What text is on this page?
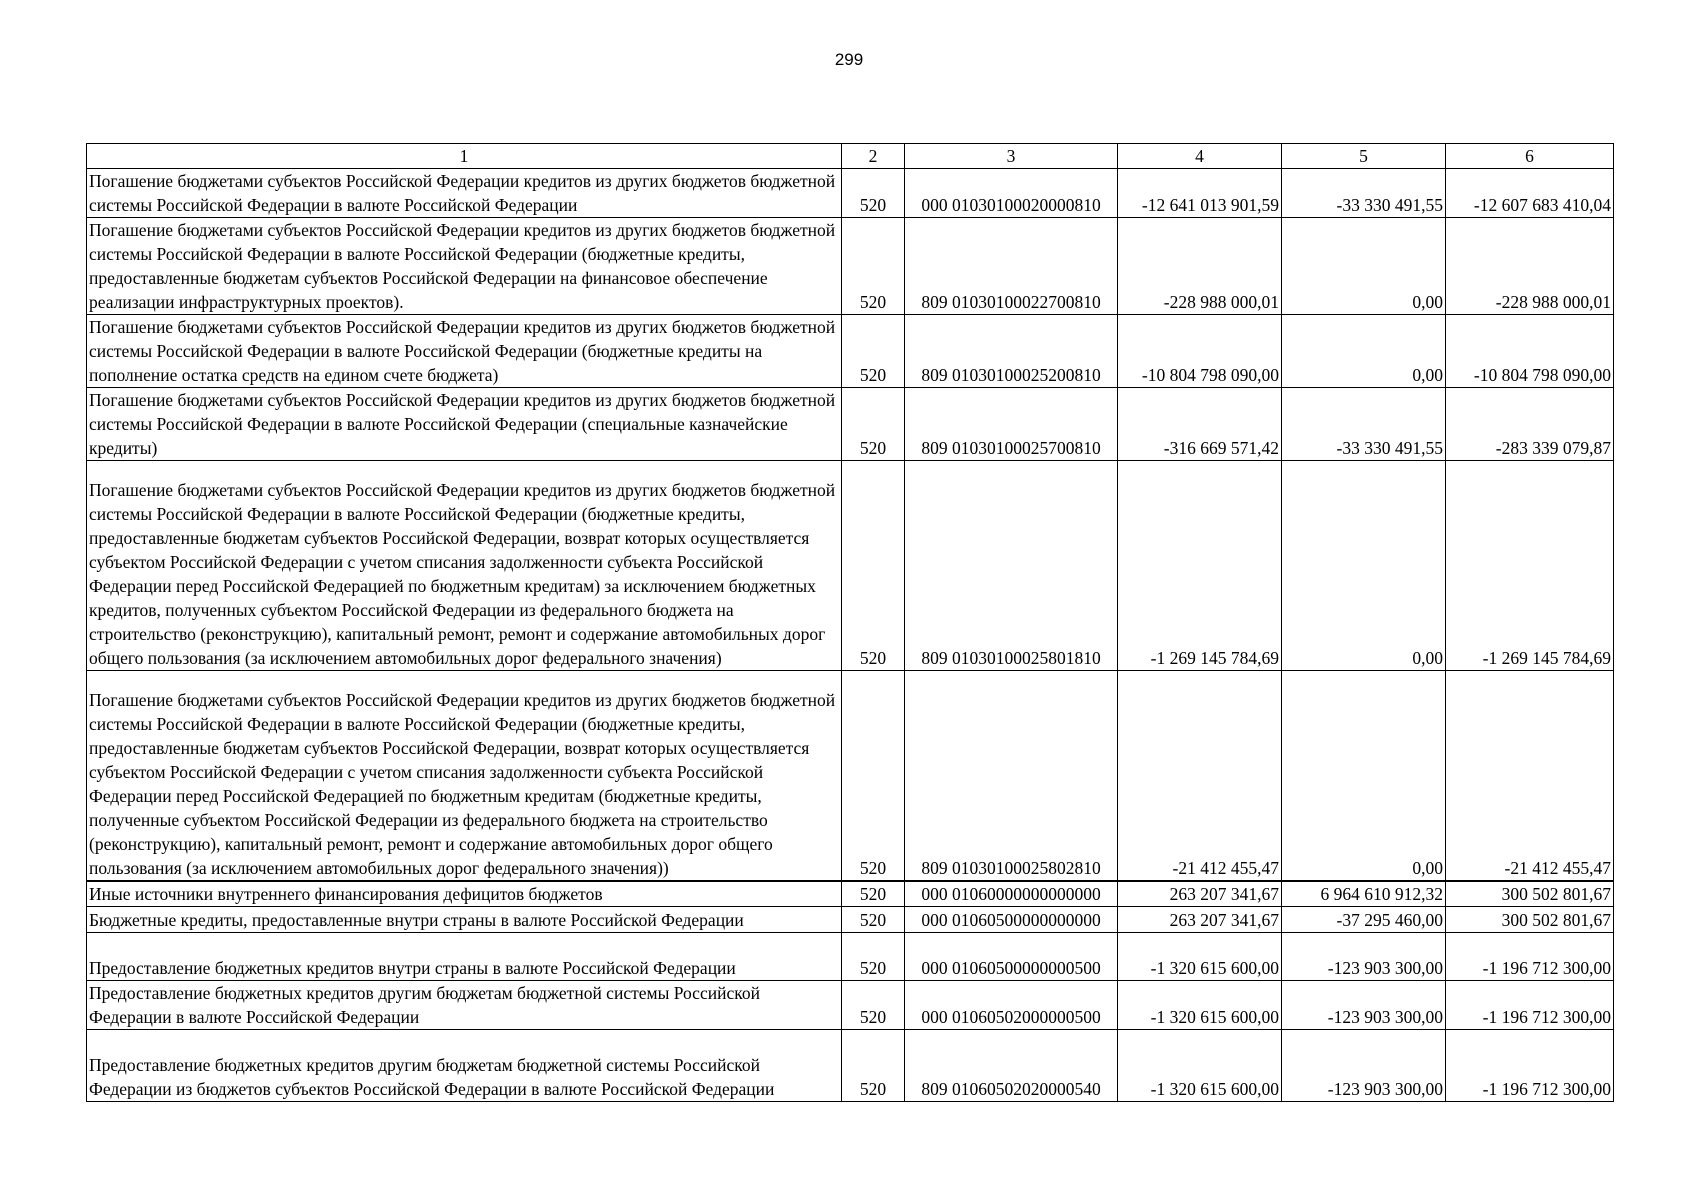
299
1	2	3	4	5	6
Погашение бюджетами субъектов Российской Федерации кредитов из других бюджетов бюджетной системы Российской Федерации в валюте Российской Федерации	520	000 01030100020000810	-12 641 013 901,59	-33 330 491,55	-12 607 683 410,04
Погашение бюджетами субъектов Российской Федерации кредитов из других бюджетов бюджетной системы Российской Федерации в валюте Российской Федерации (бюджетные кредиты, предоставленные бюджетам субъектов Российской Федерации на финансовое обеспечение реализации инфраструктурных проектов).	520	809 01030100022700810	-228 988 000,01	0,00	-228 988 000,01
Погашение бюджетами субъектов Российской Федерации кредитов из других бюджетов бюджетной системы Российской Федерации в валюте Российской Федерации (бюджетные кредиты на пополнение остатка средств на едином счете бюджета)	520	809 01030100025200810	-10 804 798 090,00	0,00	-10 804 798 090,00
Погашение бюджетами субъектов Российской Федерации кредитов из других бюджетов бюджетной системы Российской Федерации в валюте Российской Федерации (специальные казначейские кредиты)	520	809 01030100025700810	-316 669 571,42	-33 330 491,55	-283 339 079,87
Погашение бюджетами субъектов Российской Федерации кредитов из других бюджетов бюджетной системы Российской Федерации в валюте Российской Федерации (бюджетные кредиты, предоставленные бюджетам субъектов Российской Федерации, возврат которых осуществляется субъектом Российской Федерации с учетом списания задолженности субъекта Российской Федерации перед Российской Федерацией по бюджетным кредитам) за исключением бюджетных кредитов, полученных субъектом Российской Федерации из федерального бюджета на строительство (реконструкцию), капитальный ремонт, ремонт и содержание автомобильных дорог общего пользования (за исключением автомобильных дорог федерального значения)	520	809 01030100025801810	-1 269 145 784,69	0,00	-1 269 145 784,69
Погашение бюджетами субъектов Российской Федерации кредитов из других бюджетов бюджетной системы Российской Федерации в валюте Российской Федерации (бюджетные кредиты, предоставленные бюджетам субъектов Российской Федерации, возврат которых осуществляется субъектом Российской Федерации с учетом списания задолженности субъекта Российской Федерации перед Российской Федерацией по бюджетным кредитам (бюджетные кредиты, полученные субъектом Российской Федерации из федерального бюджета на строительство (реконструкцию), капитальный ремонт, ремонт и содержание автомобильных дорог общего пользования (за исключением автомобильных дорог федерального значения))	520	809 01030100025802810	-21 412 455,47	0,00	-21 412 455,47
Иные источники внутреннего финансирования дефицитов бюджетов	520	000 01060000000000000	263 207 341,67	6 964 610 912,32	300 502 801,67
Бюджетные кредиты, предоставленные внутри страны в валюте Российской Федерации	520	000 01060500000000000	263 207 341,67	-37 295 460,00	300 502 801,67
Предоставление бюджетных кредитов внутри страны в валюте Российской Федерации	520	000 01060500000000500	-1 320 615 600,00	-123 903 300,00	-1 196 712 300,00
Предоставление бюджетных кредитов другим бюджетам бюджетной системы Российской Федерации в валюте Российской Федерации	520	000 01060502000000500	-1 320 615 600,00	-123 903 300,00	-1 196 712 300,00
Предоставление бюджетных кредитов другим бюджетам бюджетной системы Российской Федерации из бюджетов субъектов Российской Федерации в валюте Российской Федерации	520	809 01060502020000540	-1 320 615 600,00	-123 903 300,00	-1 196 712 300,00
